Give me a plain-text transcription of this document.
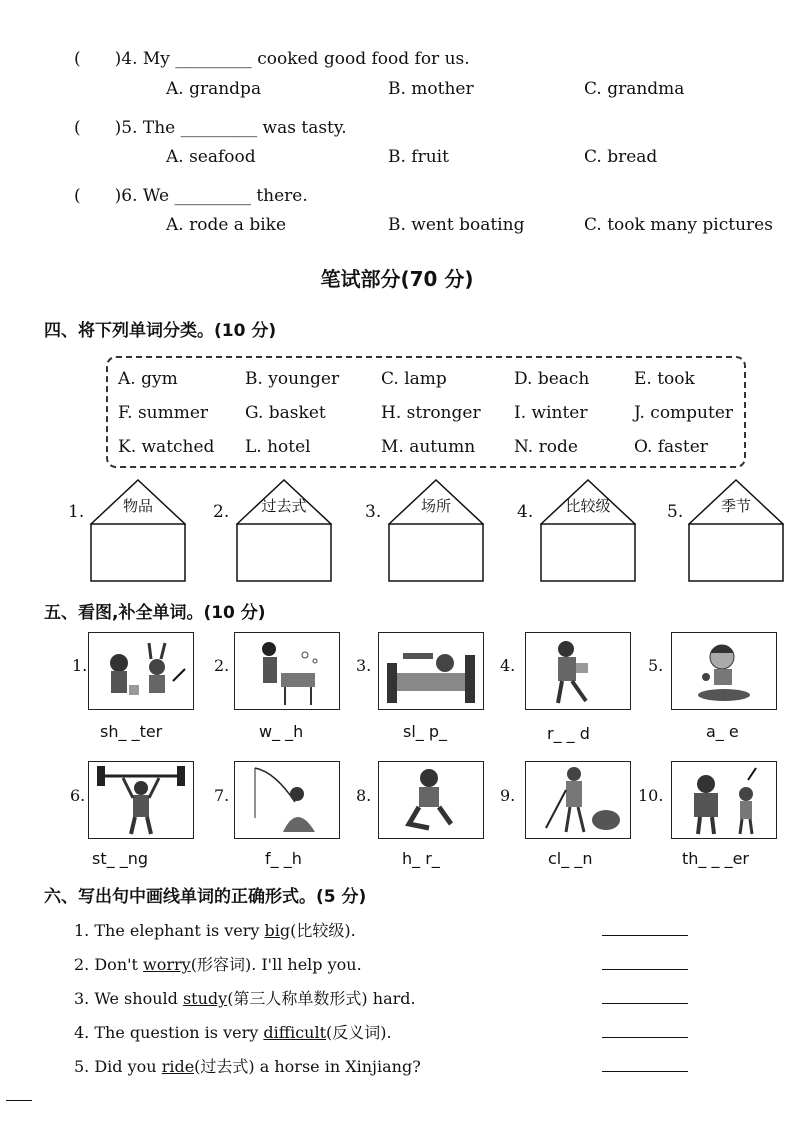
(　　)4. My _________ cooked good food for us.
A. grandpa	B. mother	C. grandma
(　　)5. The _________ was tasty.
A. seafood	B. fruit	C. bread
(　　)6. We _________ there.
A. rode a bike	B. went boating	C. took many pictures
笔试部分(70 分)
四、将下列单词分类。(10 分)
A. gym	B. younger C. lamp	D. beach	E. took
F. summer G. basket	H. stronger I. winter	J. computer
K. watched L. hotel	M. autumn N. rode	O. faster
1.	物品	2.	过去式	3.	场所	4.	比较级	5.	季节
五、看图,补全单词。(10 分)
1.	2.	3.	4.	5.
sh_ _ter	w_ _h	sl_ p_	r_ _ d	a_ e
6.	7.	8.	9.	10.
st_ _ng	f_ _h	h_ r_	cl_ _n	th_ _ _er
六、写出句中画线单词的正确形式。(5 分)
1. The elephant is very big(比较级).
2. Don't worry(形容词). I'll help you.
3. We should study(第三人称单数形式) hard.
4. The question is very difficult(反义词).
5. Did you ride(过去式) a horse in Xinjiang?
